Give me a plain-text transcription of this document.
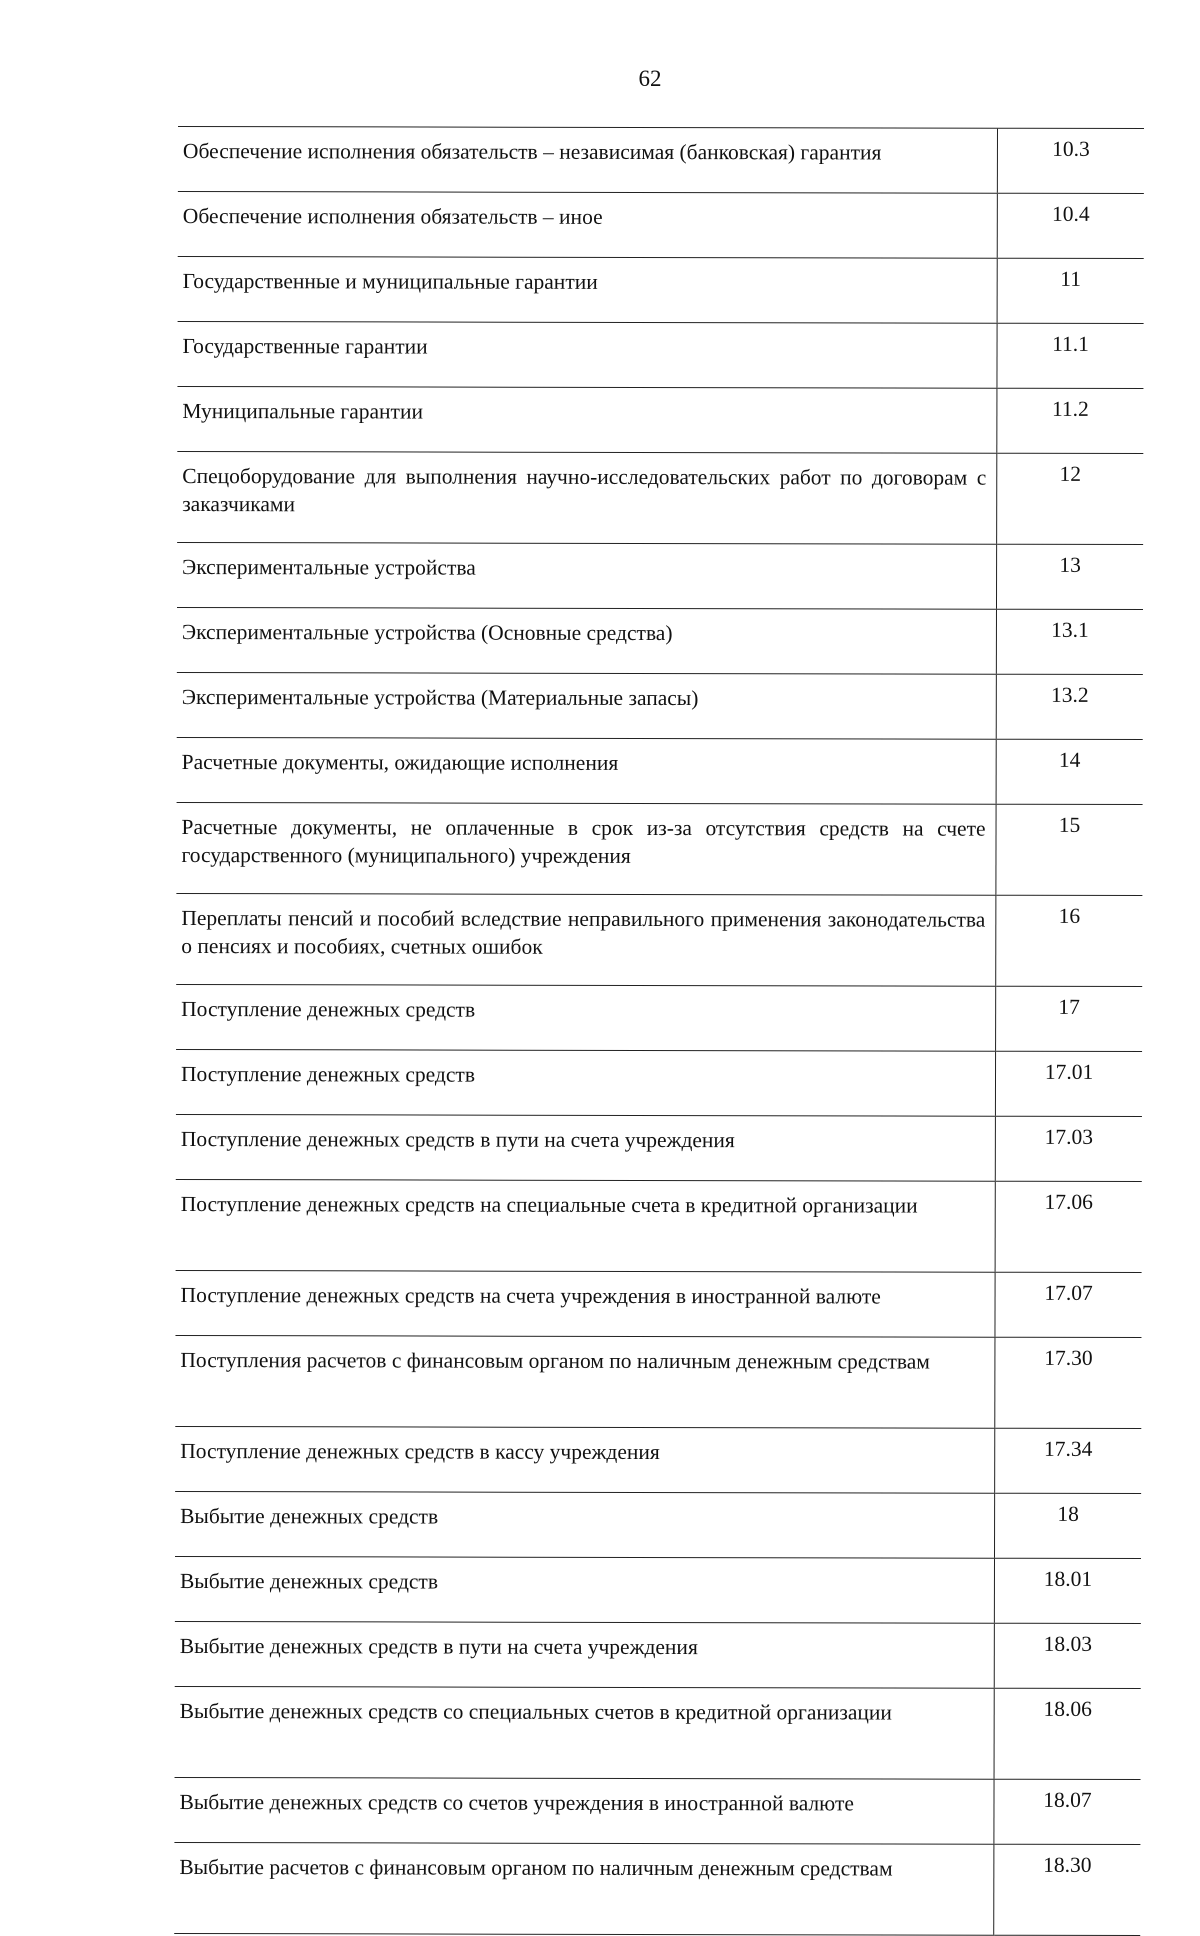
62
Обеспечение исполнения обязательств – независимая (банковская) гарантия	10.3
Обеспечение исполнения обязательств – иное	10.4
Государственные и муниципальные гарантии	11
Государственные гарантии	11.1
Муниципальные гарантии	11.2
Спецоборудование для выполнения научно-исследовательских работ по договорам с заказчиками	12
Экспериментальные устройства	13
Экспериментальные устройства (Основные средства)	13.1
Экспериментальные устройства (Материальные запасы)	13.2
Расчетные документы, ожидающие исполнения	14
Расчетные документы, не оплаченные в срок из-за отсутствия средств на счете государственного (муниципального) учреждения	15
Переплаты пенсий и пособий вследствие неправильного применения законодательства о пенсиях и пособиях, счетных ошибок	16
Поступление денежных средств	17
Поступление денежных средств	17.01
Поступление денежных средств в пути на счета учреждения	17.03
Поступление денежных средств на специальные счета в кредитной организации	17.06
Поступление денежных средств на счета учреждения в иностранной валюте	17.07
Поступления расчетов с финансовым органом по наличным денежным средствам	17.30
Поступление денежных средств в кассу учреждения	17.34
Выбытие денежных средств	18
Выбытие денежных средств	18.01
Выбытие денежных средств в пути на счета учреждения	18.03
Выбытие денежных средств со специальных счетов в кредитной организации	18.06
Выбытие денежных средств со счетов учреждения в иностранной валюте	18.07
Выбытие расчетов с финансовым органом по наличным денежным средствам	18.30
